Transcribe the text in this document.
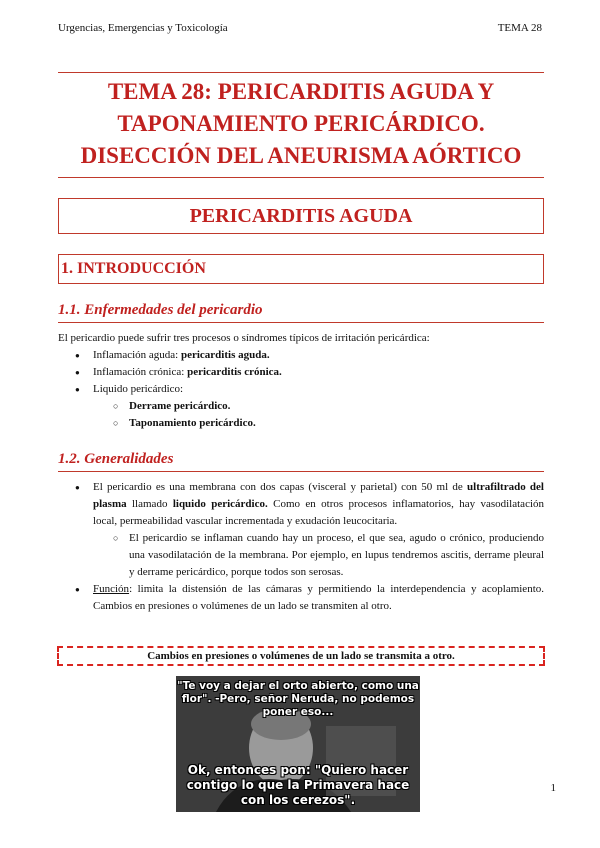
Urgencias, Emergencias y Toxicología	TEMA 28
TEMA 28: PERICARDITIS AGUDA Y
TAPONAMIENTO PERICÁRDICO.
DISECCIÓN DEL ANEURISMA AÓRTICO
PERICARDITIS AGUDA
1. INTRODUCCIÓN
1.1. Enfermedades del pericardio
El pericardio puede sufrir tres procesos o síndromes típicos de irritación pericárdica:
● Inflamación aguda: pericarditis aguda.
● Inflamación crónica: pericarditis crónica.
● Liquido pericárdico:
○ Derrame pericárdico.
○ Taponamiento pericárdico.
1.2. Generalidades
● El pericardio es una membrana con dos capas (visceral y parietal) con 50 ml de ultrafiltrado del plasma llamado liquido pericárdico. Como en otros procesos inflamatorios, hay vasodilatación local, permeabilidad vascular incrementada y exudación leucocitaria.
○ El pericardio se inflaman cuando hay un proceso, el que sea, agudo o crónico, produciendo una vasodilatación de la membrana. Por ejemplo, en lupus tendremos ascitis, derrame pleural y derrame pericárdico, porque todos son serosas.
● Función: limita la distensión de las cámaras y permitiendo la interdependencia y acoplamiento. Cambios en presiones o volúmenes de un lado se transmiten al otro.
Cambios en presiones o volúmenes de un lado se transmita a otro.
"Te voy a dejar el orto abierto, como una flor". -Pero, señor Neruda, no podemos poner eso...
Ok, entonces pon: "Quiero hacer contigo lo que la Primavera hace con los cerezos".
1
